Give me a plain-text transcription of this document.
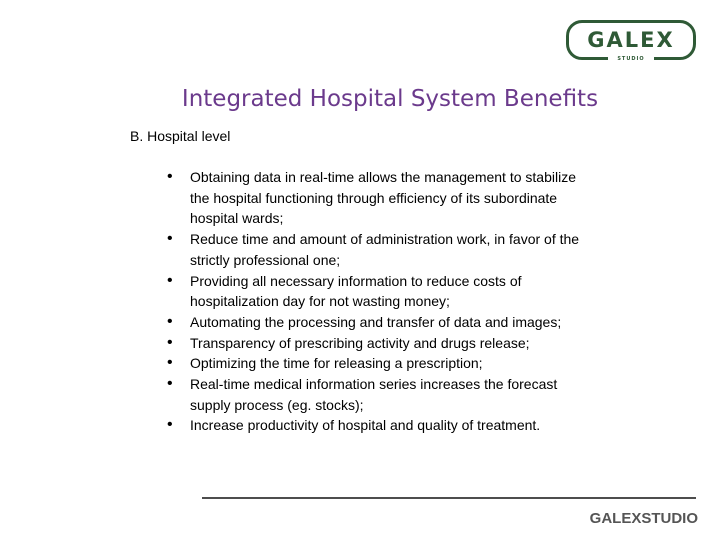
GALEX
STUDIO
Integrated Hospital System Benefits
B. Hospital level
• Obtaining data in real-time allows the management to stabilize the hospital functioning through efficiency of its subordinate hospital wards;
• Reduce time and amount of administration work, in favor of the strictly professional one;
• Providing all necessary information to reduce costs of hospitalization day for not wasting money;
• Automating the processing and transfer of data and images;
• Transparency of prescribing activity and drugs release;
• Optimizing the time for releasing a prescription;
• Real-time medical information series increases the forecast supply process (eg. stocks);
• Increase productivity of hospital and quality of treatment.
GALEXSTUDIO
